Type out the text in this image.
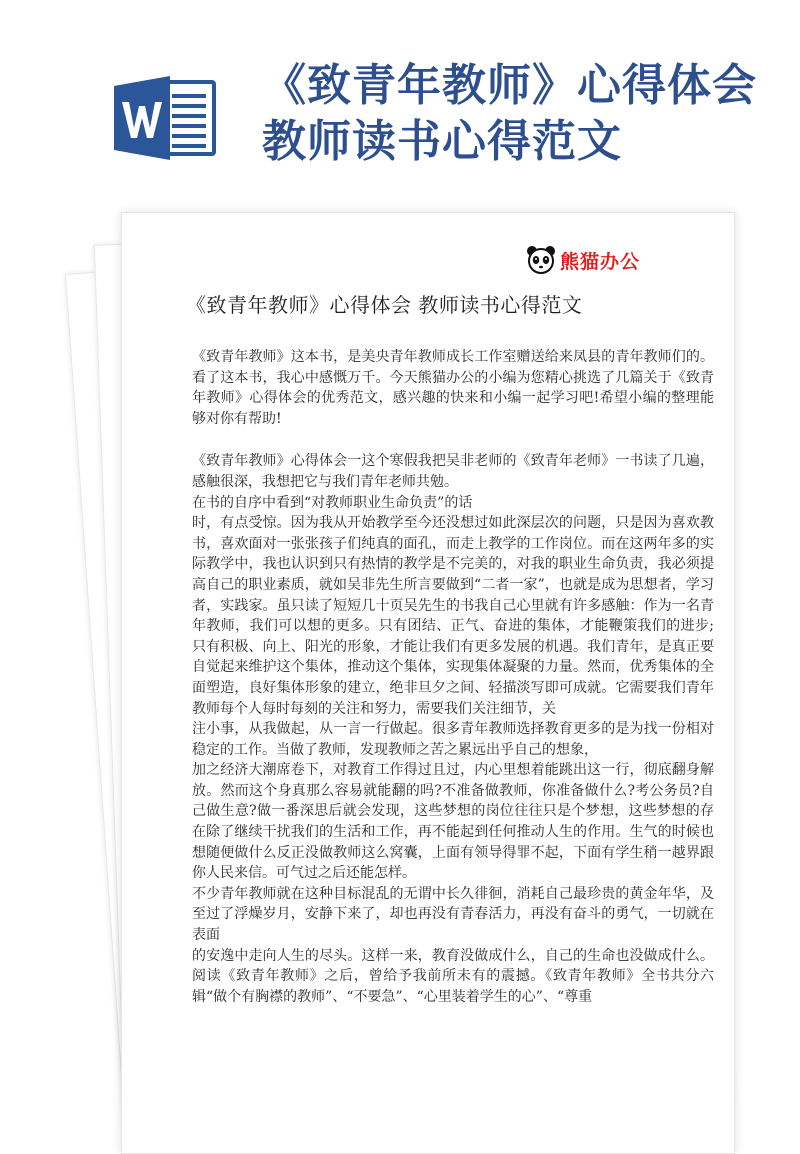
《致青年教师》心得体会教师读书心得范文
熊猫办公
《致青年教师》心得体会 教师读书心得范文

《致青年教师》这本书，是美央青年教师成长工作室赠送给来凤县的青年教师们的。看了这本书，我心中感慨万千。今天熊猫办公的小编为您精心挑选了几篇关于《致青年教师》心得体会的优秀范文，感兴趣的快来和小编一起学习吧!希望小编的整理能够对你有帮助!

《致青年教师》心得体会一这个寒假我把吴非老师的《致青年老师》一书读了几遍，感触很深，我想把它与我们青年老师共勉。

在书的自序中看到“对教师职业生命负责”的话

时，有点受惊。因为我从开始教学至今还没想过如此深层次的问题，只是因为喜欢教书，喜欢面对一张张孩子们纯真的面孔，而走上教学的工作岗位。而在这两年多的实际教学中，我也认识到只有热情的教学是不完美的，对我的职业生命负责，我必须提高自己的职业素质，就如吴非先生所言要做到“二者一家”，也就是成为思想者，学习者，实践家。虽只读了短短几十页吴先生的书我自己心里就有许多感触：作为一名青年教师，我们可以想的更多。只有团结、正气、奋进的集体，才能鞭策我们的进步;只有积极、向上、阳光的形象，才能让我们有更多发展的机遇。我们青年，是真正要自觉起来维护这个集体，推动这个集体，实现集体凝聚的力量。然而，优秀集体的全面塑造，良好集体形象的建立，绝非旦夕之间、轻描淡写即可成就。它需要我们青年教师每个人每时每刻的关注和努力，需要我们关注细节，关

注小事，从我做起，从一言一行做起。很多青年教师选择教育更多的是为找一份相对稳定的工作。当做了教师，发现教师之苦之累远出乎自己的想象，

加之经济大潮席卷下，对教育工作得过且过，内心里想着能跳出这一行，彻底翻身解放。然而这个身真那么容易就能翻的吗?不准备做教师，你准备做什么?考公务员?自己做生意?做一番深思后就会发现，这些梦想的岗位往往只是个梦想，这些梦想的存在除了继续干扰我们的生活和工作，再不能起到任何推动人生的作用。生气的时候也想随便做什么反正没做教师这么窝囊，上面有领导得罪不起，下面有学生稍一越界跟你人民来信。可气过之后还能怎样。

不少青年教师就在这种目标混乱的无谓中长久徘徊，消耗自己最珍贵的黄金年华，及至过了浮燥岁月，安静下来了，却也再没有青春活力，再没有奋斗的勇气，一切就在表面

的安逸中走向人生的尽头。这样一来，教育没做成什么，自己的生命也没做成什么。 阅读《致青年教师》之后，曾给予我前所未有的震撼。《致青年教师》全书共分六辑“做个有胸襟的教师”、“不要急”、“心里装着学生的心”、“尊重
